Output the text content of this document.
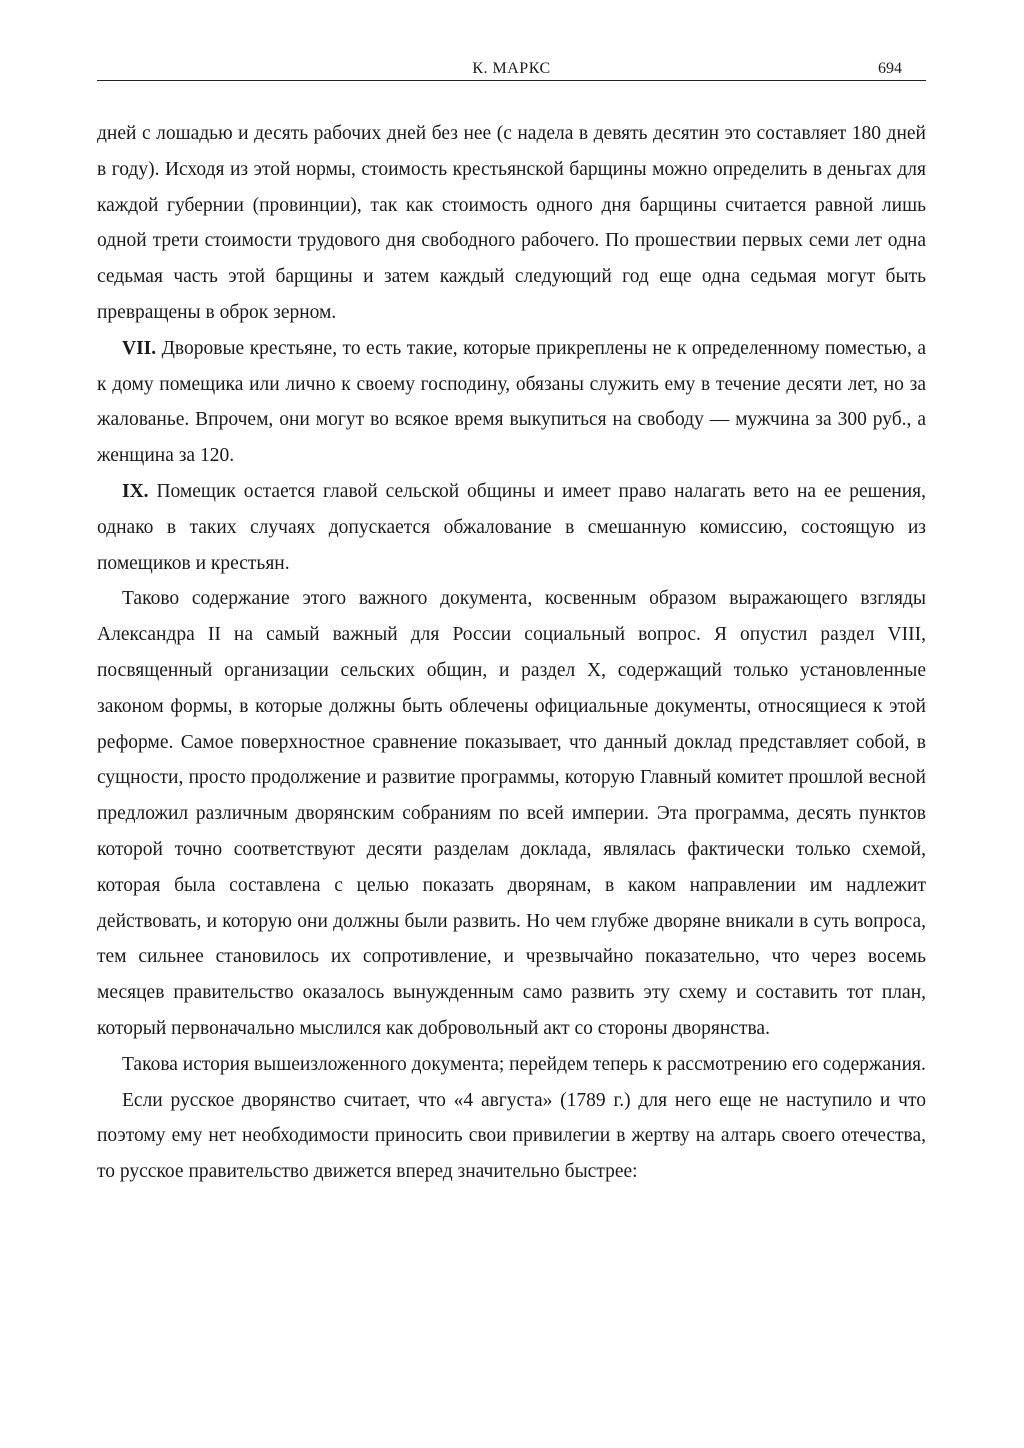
К. МАРКС	694

дней с лошадью и десять рабочих дней без нее (с надела в девять десятин это составляет 180 дней в году). Исходя из этой нормы, стоимость крестьянской барщины можно определить в деньгах для каждой губернии (провинции), так как стоимость одного дня барщины считается равной лишь одной трети стоимости трудового дня свободного рабочего. По прошествии первых семи лет одна седьмая часть этой барщины и затем каждый следующий год еще одна седьмая могут быть превращены в оброк зерном.

VII. Дворовые крестьяне, то есть такие, которые прикреплены не к определенному поместью, а к дому помещика или лично к своему господину, обязаны служить ему в течение десяти лет, но за жалованье. Впрочем, они могут во всякое время выкупиться на свободу — мужчина за 300 руб., а женщина за 120.

IX. Помещик остается главой сельской общины и имеет право налагать вето на ее решения, однако в таких случаях допускается обжалование в смешанную комиссию, состоящую из помещиков и крестьян.

Таково содержание этого важного документа, косвенным образом выражающего взгляды Александра II на самый важный для России социальный вопрос. Я опустил раздел VIII, посвященный организации сельских общин, и раздел X, содержащий только установленные законом формы, в которые должны быть облечены официальные документы, относящиеся к этой реформе. Самое поверхностное сравнение показывает, что данный доклад представляет собой, в сущности, просто продолжение и развитие программы, которую Главный комитет прошлой весной предложил различным дворянским собраниям по всей империи. Эта программа, десять пунктов которой точно соответствуют десяти разделам доклада, являлась фактически только схемой, которая была составлена с целью показать дворянам, в каком направлении им надлежит действовать, и которую они должны были развить. Но чем глубже дворяне вникали в суть вопроса, тем сильнее становилось их сопротивление, и чрезвычайно показательно, что через восемь месяцев правительство оказалось вынужденным само развить эту схему и составить тот план, который первоначально мыслился как добровольный акт со стороны дворянства.

Такова история вышеизложенного документа; перейдем теперь к рассмотрению его содержания.

Если русское дворянство считает, что «4 августа» (1789 г.) для него еще не наступило и что поэтому ему нет необходимости приносить свои привилегии в жертву на алтарь своего отечества, то русское правительство движется вперед значительно быстрее:
